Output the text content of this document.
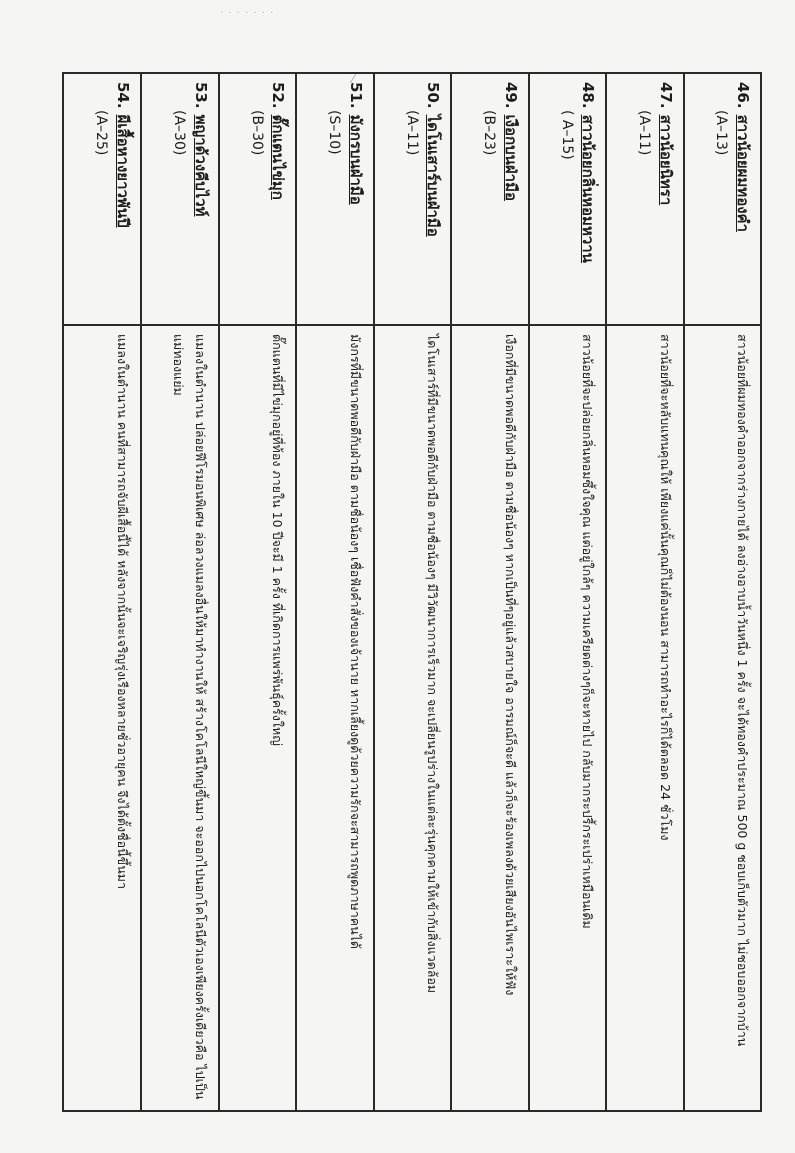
· · · · · · ·
⁄
46.สาวน้อยผมทองคำ
(A–13)	สาวน้อยที่ผมทองคำออกจากร่างกายได้ ลงอ่างอาบน้ำวันหนึ่ง 1 ครั้ง จะได้ทองคำประมาณ 500 g ชอบเก็บตัวมาก ไม่ชอบออกจากบ้าน
47.สาวน้อยนิทรา
(A–11)	สาวน้อยที่จะหลับแทนคุณให้ เพียงแค่นั้นคุณก็ไม่ต้องนอน สามารถทำอะไรก็ได้ตลอด 24 ชั่วโมง
48.สาวน้อยกลิ่นหอมหวาน
( A–15)	สาวน้อยที่จะปล่อยกลิ่นหอมซึ้งใจคุณ แต่อยู่ใกล้ๆ ความเครียดต่างๆก็จะหายไป กลับมากระปรี้กระเปร่าเหมือนเดิม
49.เงือกบนฝ่ามือ
(B–23)	เงือกที่มีขนาดพอดีกับฝ่ามือ ตามชื่อน้องๆ หากเป็นที่ๆอยู่แล้วสบายใจ อารมณ์ก็จะดี แล้วก็จะร้องเพลงด้วยเสียงอันไพเราะให้ฟัง
50.ไดโนเสาร์บนฝ่ามือ
(A–11)	ไดโนเสาร์ที่มีขนาดพอดีกับฝ่ามือ ตามชื่อน้องๆ มีวิวัฒนาการเร็วมาก จะเปลี่ยนรูปร่างในแต่ละรุ่นคุกคามให้เข้ากับสิ่งแวดล้อม
51.มังกรบนฝ่ามือ
(S–10)	มังกรที่มีขนาดพอดีกับฝ่ามือ ตามชื่อน้องๆ เชื่อฟังคำสั่งของเจ้านาย หากเลี้ยงดูด้วยความรักจะสามารถพูดภาษาคนได้
52.ตั๊กแตนไข่มุก
(B–30)	ตั๊กแตนที่มีไข่มุกอยู่ที่ท้อง ภายใน 10 ปีจะมี 1 ครั้ง ที่เกิดการแพร่พันธุ์ครั้งใหญ่
53.พญาด้วงคีบไวท์
(A–30)	แมลงในตำนาน ปล่อยฟีโรมอนพิเศษ ล่อลวงแมลงอื่นให้มาทำงานให้ สร้างโคโลนีใหญ่ขึ้นมา จะออกไปนอกโคโลนีตัวเองเพียงครั้งเดียวคือ ไปเป็นแม่ทองแย่ม
54.ผีเสื้อหางยาวพันปี
(A–25)	แมลงในตำนาน คนที่สามารถจับผีเสื้อนี้ได้ หลังจากนั้นจะเจริญรุ่งเรืองหลายชั่วอายุคน จึงได้ตั้งชื่อนี้ขึ้นมา
